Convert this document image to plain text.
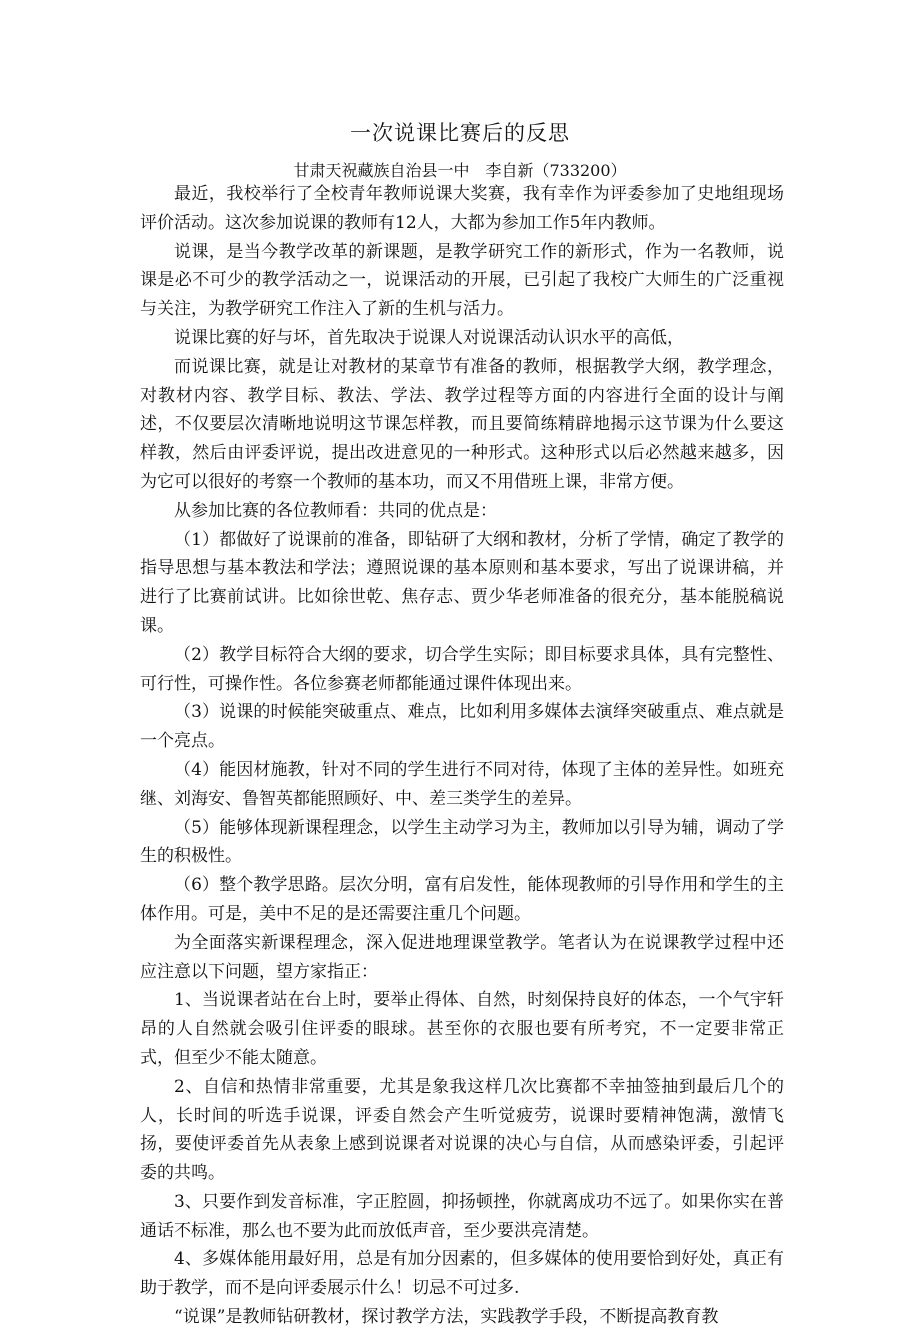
一次说课比赛后的反思
甘肃天祝藏族自治县一中　李自新（733200）

最近，我校举行了全校青年教师说课大奖赛，我有幸作为评委参加了史地组现场评价活动。这次参加说课的教师有12人，大都为参加工作5年内教师。

说课，是当今教学改革的新课题，是教学研究工作的新形式，作为一名教师，说课是必不可少的教学活动之一，说课活动的开展，已引起了我校广大师生的广泛重视与关注，为教学研究工作注入了新的生机与活力。

说课比赛的好与坏，首先取决于说课人对说课活动认识水平的高低，

而说课比赛，就是让对教材的某章节有准备的教师，根据教学大纲，教学理念，对教材内容、教学目标、教法、学法、教学过程等方面的内容进行全面的设计与阐述，不仅要层次清晰地说明这节课怎样教，而且要简练精辟地揭示这节课为什么要这样教，然后由评委评说，提出改进意见的一种形式。这种形式以后必然越来越多，因为它可以很好的考察一个教师的基本功，而又不用借班上课，非常方便。

从参加比赛的各位教师看：共同的优点是：

（1）都做好了说课前的准备，即钻研了大纲和教材，分析了学情，确定了教学的指导思想与基本教法和学法；遵照说课的基本原则和基本要求，写出了说课讲稿，并进行了比赛前试讲。比如徐世乾、焦存志、贾少华老师准备的很充分，基本能脱稿说课。

（2）教学目标符合大纲的要求，切合学生实际；即目标要求具体，具有完整性、可行性，可操作性。各位参赛老师都能通过课件体现出来。

（3）说课的时候能突破重点、难点，比如利用多媒体去演绎突破重点、难点就是一个亮点。

（4）能因材施教，针对不同的学生进行不同对待，体现了主体的差异性。如班充继、刘海安、鲁智英都能照顾好、中、差三类学生的差异。

（5）能够体现新课程理念，以学生主动学习为主，教师加以引导为辅，调动了学生的积极性。

（6）整个教学思路。层次分明，富有启发性，能体现教师的引导作用和学生的主体作用。可是，美中不足的是还需要注重几个问题。

为全面落实新课程理念，深入促进地理课堂教学。笔者认为在说课教学过程中还应注意以下问题，望方家指正：

1、当说课者站在台上时，要举止得体、自然，时刻保持良好的体态，一个气宇轩昂的人自然就会吸引住评委的眼球。甚至你的衣服也要有所考究，不一定要非常正式，但至少不能太随意。

2、自信和热情非常重要，尤其是象我这样几次比赛都不幸抽签抽到最后几个的人，长时间的听选手说课，评委自然会产生听觉疲劳，说课时要精神饱满，激情飞扬，要使评委首先从表象上感到说课者对说课的决心与自信，从而感染评委，引起评委的共鸣。

3、只要作到发音标准，字正腔圆，抑扬顿挫，你就离成功不远了。如果你实在普通话不标准，那么也不要为此而放低声音，至少要洪亮清楚。

4、多媒体能用最好用，总是有加分因素的，但多媒体的使用要恰到好处，真正有助于教学，而不是向评委展示什么！切忌不可过多.

“说课”是教师钻研教材，探讨教学方法，实践教学手段，不断提高教育教
